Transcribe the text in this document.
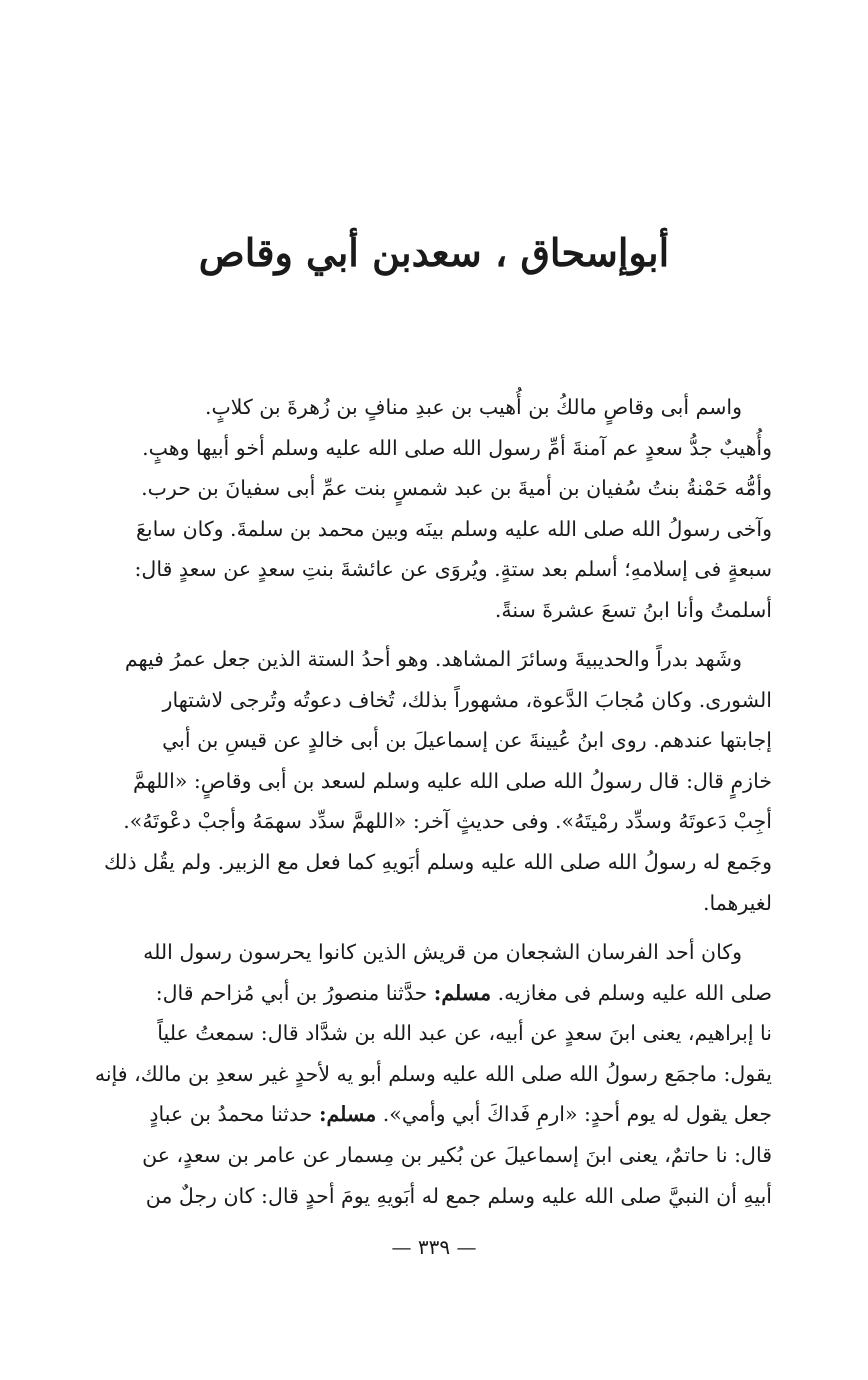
أبوإسحاق ، سعدبن أبي وقاص
واسم أبى وقاصٍ مالكُ بن أُهيب بن عبدِ منافٍ بن زُهرةَ بن كلابٍ.
وأُهيبٌ جدُّ سعدٍ عم آمنةَ أمِّ رسول الله صلى الله عليه وسلم أخو أبيها وهبٍ.
وأمُّه حَمْنةُ بنتُ سُفيان بن أميةَ بن عبد شمسٍ بنت عمِّ أبى سفيانَ بن حرب.
وآخى رسولُ الله صلى الله عليه وسلم بينَه وبين محمد بن سلمةَ. وكان سابعَ
سبعةٍ فى إسلامهِ؛ أسلم بعد ستةٍ. ويُروَى عن عائشةَ بنتِ سعدٍ عن سعدٍ قال:
أسلمتُ وأنا ابنُ تسعَ عشرةَ سنةً.
وشَهد بدراً والحديبيةَ وسائرَ المشاهد. وهو أحدُ الستة الذين جعل عمرُ فيهم
الشورى. وكان مُجابَ الدَّعوة، مشهوراً بذلك، تُخاف دعوتُه وتُرجى لاشتهار
إجابتها عندهم. روى ابنُ عُيينةَ عن إسماعيلَ بن أبى خالدٍ عن قيسِ بن أبي
خازمٍ قال: قال رسولُ الله صلى الله عليه وسلم لسعد بن أبى وقاصٍ: «اللهمَّ
أجِبْ دَعوتَهُ وسدِّد رمْيتَهُ». وفى حديثٍ آخر: «اللهمَّ سدِّد سهمَهُ وأجبْ دعْوتَهُ».
وجَمع له رسولُ الله صلى الله عليه وسلم أبَويهِ كما فعل مع الزبير. ولم يقُل ذلك
لغيرهما.
وكان أحد الفرسان الشجعان من قريش الذين كانوا يحرسون رسول الله
صلى الله عليه وسلم فى مغازيه. مسلم: حدَّثنا منصورُ بن أبي مُزاحم قال:
نا إبراهيم، يعنى ابنَ سعدٍ عن أبيه، عن عبد الله بن شدَّاد قال: سمعتُ علياً
يقول: ماجمَع رسولُ الله صلى الله عليه وسلم أبو يه لأحدٍ غير سعدِ بن مالك، فإنه
جعل يقول له يوم أحدٍ: «ارمِ فَداكَ أبي وأمي». مسلم: حدثنا محمدُ بن عبادٍ
قال: نا حاتمٌ، يعنى ابنَ إسماعيلَ عن بُكير بن مِسمار عن عامر بن سعدٍ، عن
أبيهِ أن النبيَّ صلى الله عليه وسلم جمع له أبَويهِ يومَ أحدٍ قال: كان رجلٌ من
— ٣٣٩ —
